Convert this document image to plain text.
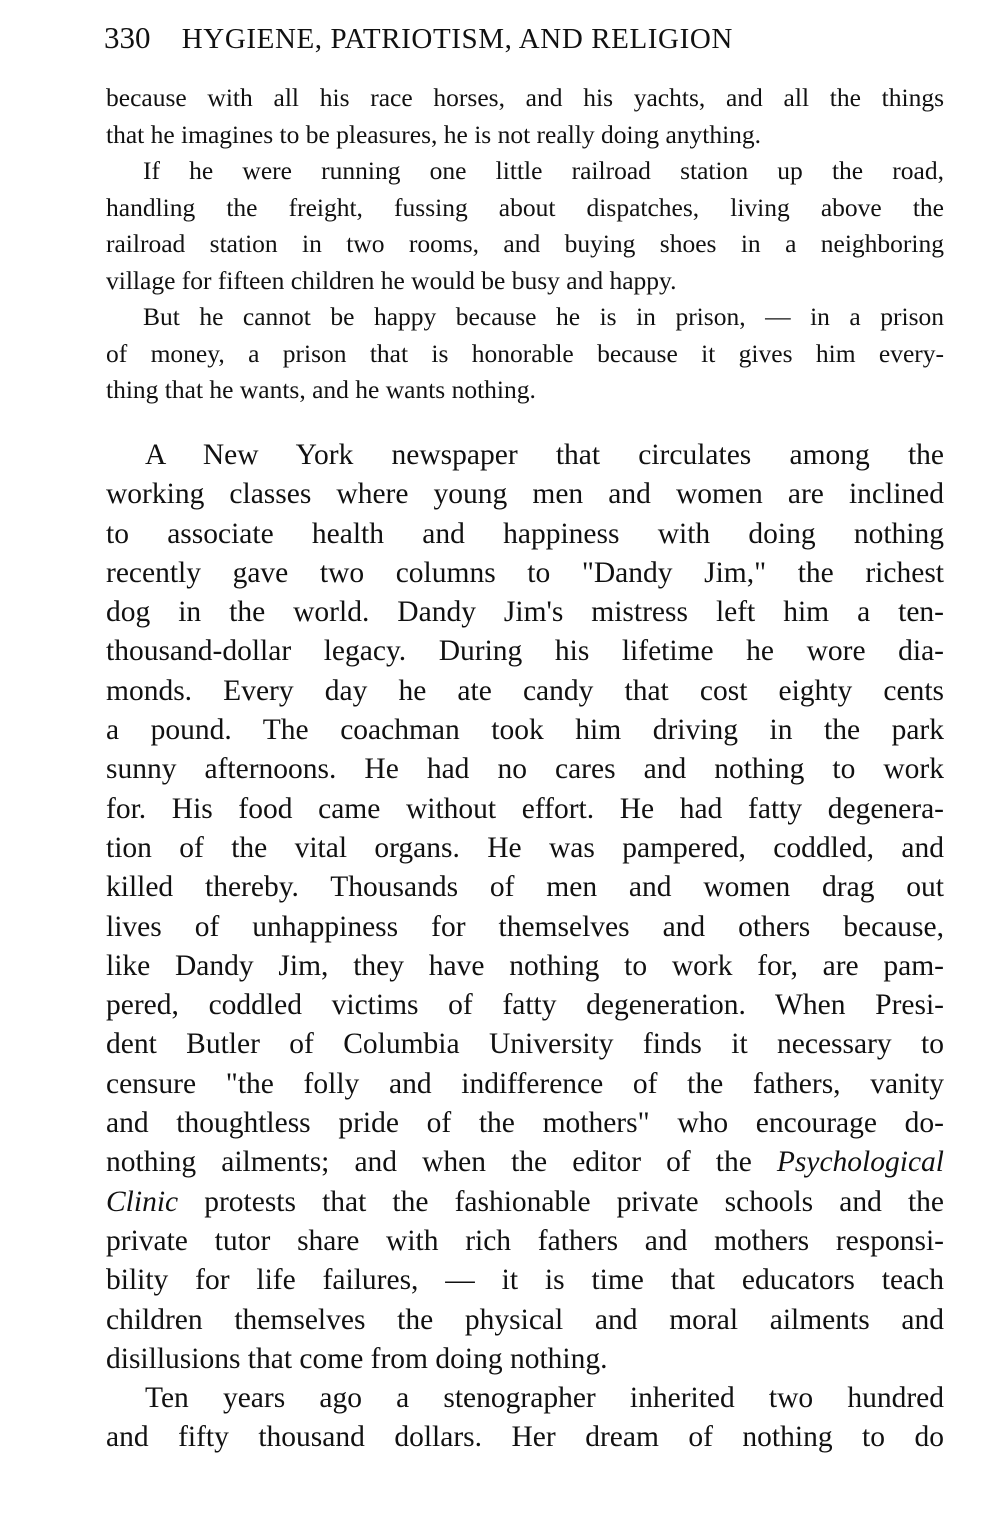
330 HYGIENE, PATRIOTISM, AND RELIGION
because with all his race horses, and his yachts, and all the things
that he imagines to be pleasures, he is not really doing anything.
If he were running one little railroad station up the road,
handling the freight, fussing about dispatches, living above the
railroad station in two rooms, and buying shoes in a neighboring
village for fifteen children he would be busy and happy.
But he cannot be happy because he is in prison, — in a prison
of money, a prison that is honorable because it gives him every-
thing that he wants, and he wants nothing.
A New York newspaper that circulates among the
working classes where young men and women are inclined
to associate health and happiness with doing nothing
recently gave two columns to "Dandy Jim," the richest
dog in the world. Dandy Jim's mistress left him a ten-
thousand-dollar legacy. During his lifetime he wore dia-
monds. Every day he ate candy that cost eighty cents
a pound. The coachman took him driving in the park
sunny afternoons. He had no cares and nothing to work
for. His food came without effort. He had fatty degenera-
tion of the vital organs. He was pampered, coddled, and
killed thereby. Thousands of men and women drag out
lives of unhappiness for themselves and others because,
like Dandy Jim, they have nothing to work for, are pam-
pered, coddled victims of fatty degeneration. When Presi-
dent Butler of Columbia University finds it necessary to
censure "the folly and indifference of the fathers, vanity
and thoughtless pride of the mothers" who encourage do-
nothing ailments; and when the editor of the Psychological
Clinic protests that the fashionable private schools and the
private tutor share with rich fathers and mothers responsi-
bility for life failures, — it is time that educators teach
children themselves the physical and moral ailments and
disillusions that come from doing nothing.
Ten years ago a stenographer inherited two hundred
and fifty thousand dollars. Her dream of nothing to do
